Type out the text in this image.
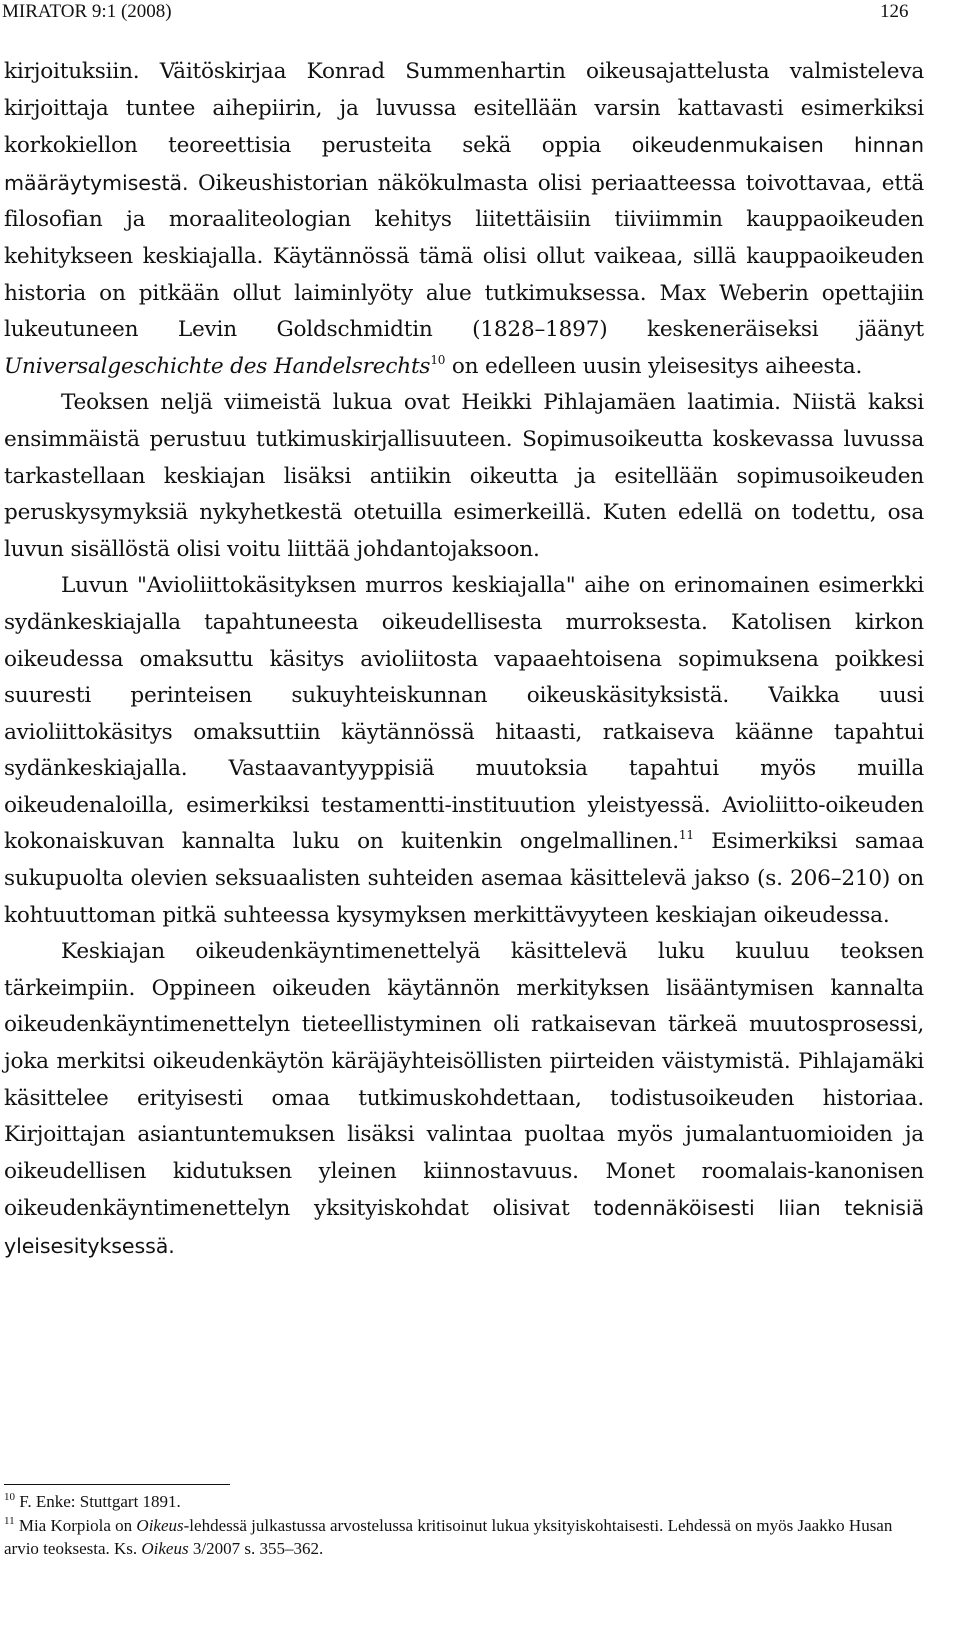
MIRATOR 9:1 (2008)	126

kirjoituksiin. Väitöskirjaa Konrad Summenhartin oikeusajattelusta valmisteleva kirjoittaja tuntee aihepiirin, ja luvussa esitellään varsin kattavasti esimerkiksi korkokiellon teoreettisia perusteita sekä oppia oikeudenmukaisen hinnan määräytymisestä. Oikeushistorian näkökulmasta olisi periaatteessa toivottavaa, että filosofian ja moraaliteologian kehitys liitettäisiin tiiviimmin kauppaoikeuden kehitykseen keskiajalla. Käytännössä tämä olisi ollut vaikeaa, sillä kauppaoikeuden historia on pitkään ollut laiminlyöty alue tutkimuksessa. Max Weberin opettajiin lukeutuneen Levin Goldschmidtin (1828–1897) keskeneräiseksi jäänyt Universalgeschichte des Handelsrechts$^{10}$ on edelleen uusin yleisesitys aiheesta.

Teoksen neljä viimeistä lukua ovat Heikki Pihlajamäen laatimia. Niistä kaksi ensimmäistä perustuu tutkimuskirjallisuuteen. Sopimusoikeutta koskevassa luvussa tarkastellaan keskiajan lisäksi antiikin oikeutta ja esitellään sopimusoikeuden peruskysymyksiä nykyhetkestä otetuilla esimerkeillä. Kuten edellä on todettu, osa luvun sisällöstä olisi voitu liittää johdantojaksoon.

Luvun "Avioliittokäsityksen murros keskiajalla" aihe on erinomainen esimerkki sydänkeskiajalla tapahtuneesta oikeudellisesta murroksesta. Katolisen kirkon oikeudessa omaksuttu käsitys avioliitosta vapaaehtoisena sopimuksena poikkesi suuresti perinteisen sukuyhteiskunnan oikeuskäsityksistä. Vaikka uusi avioliittokäsitys omaksuttiin käytännössä hitaasti, ratkaiseva käänne tapahtui sydänkeskiajalla. Vastaavantyyppisiä muutoksia tapahtui myös muilla oikeudenaloilla, esimerkiksi testamentti-instituution yleistyessä. Avioliitto-oikeuden kokonaiskuvan kannalta luku on kuitenkin ongelmallinen.$^{11}$ Esimerkiksi samaa sukupuolta olevien seksuaalisten suhteiden asemaa käsittelevä jakso (s. 206–210) on kohtuuttoman pitkä suhteessa kysymyksen merkittävyyteen keskiajan oikeudessa.

Keskiajan oikeudenkäyntimenettelyä käsittelevä luku kuuluu teoksen tärkeimpiin. Oppineen oikeuden käytännön merkityksen lisääntymisen kannalta oikeudenkäyntimenettelyn tieteellistyminen oli ratkaisevan tärkeä muutosprosessi, joka merkitsi oikeudenkäytön käräjäyhteisöllisten piirteiden väistymistä. Pihlajamäki käsittelee erityisesti omaa tutkimuskohdettaan, todistusoikeuden historiaa. Kirjoittajan asiantuntemuksen lisäksi valintaa puoltaa myös jumalantuomioiden ja oikeudellisen kidutuksen yleinen kiinnostavuus. Monet roomalais-kanonisen oikeudenkäyntimenettelyn yksityiskohdat olisivat todennäköisesti liian teknisiä yleisesityksessä.

$^{10}$ F. Enke: Stuttgart 1891.

$^{11}$ Mia Korpiola on Oikeus-lehdessä julkastussa arvostelussa kritisoinut lukua yksityiskohtaisesti. Lehdessä on myös Jaakko Husan arvio teoksesta. Ks. Oikeus 3/2007 s. 355–362.
